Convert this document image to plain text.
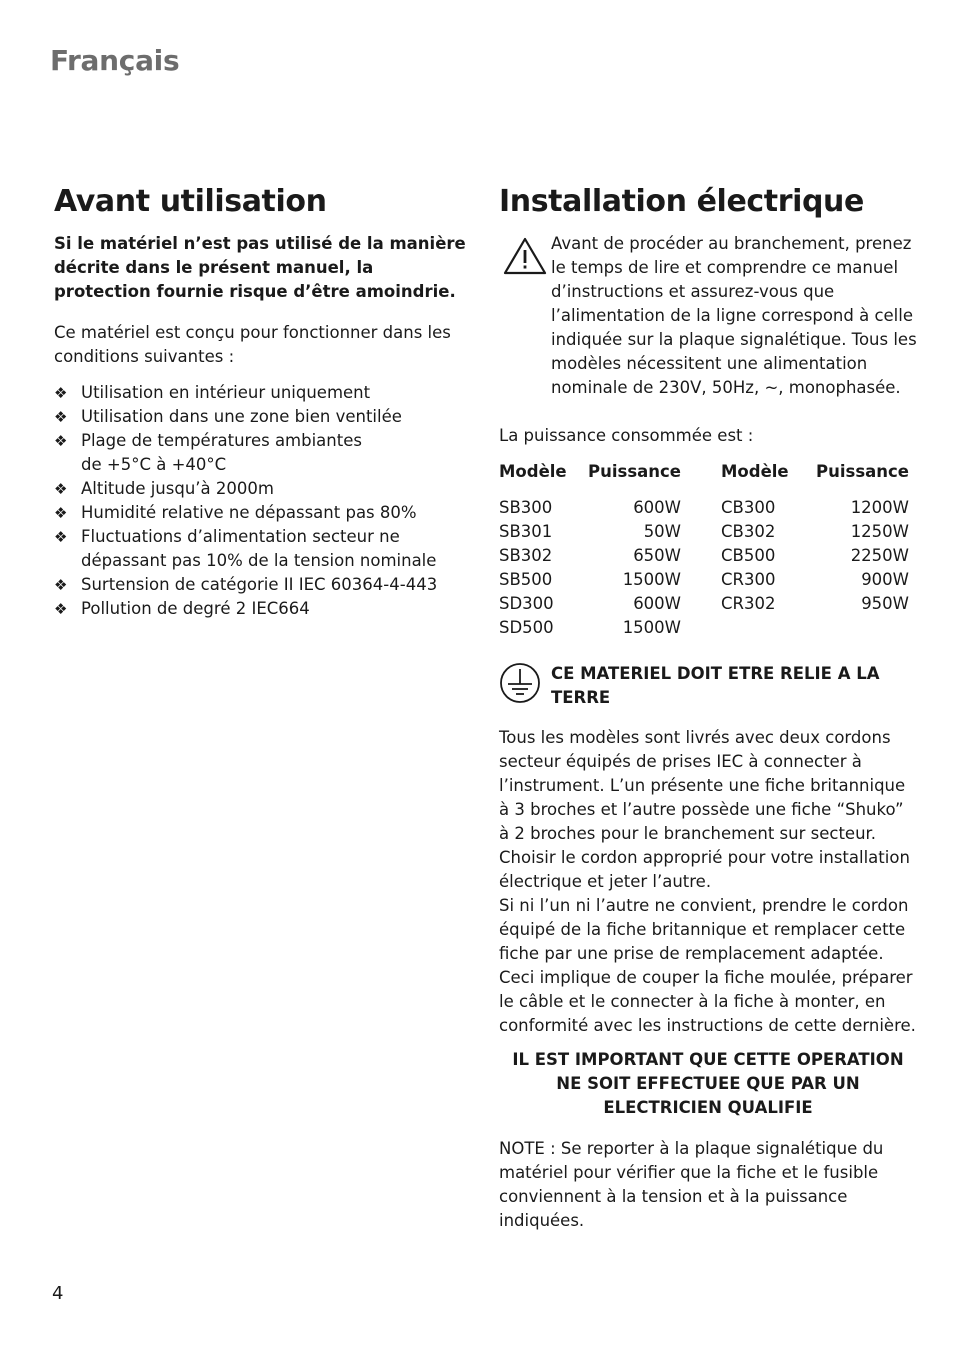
Français
Avant utilisation

Si le matériel n’est pas utilisé de la manière décrite dans le présent manuel, la protection fournie risque d’être amoindrie.

Ce matériel est conçu pour fonctionner dans les conditions suivantes :

❖ Utilisation en intérieur uniquement
❖ Utilisation dans une zone bien ventilée
❖ Plage de températures ambiantes
de +5°C à +40°C
❖ Altitude jusqu’à 2000m
❖ Humidité relative ne dépassant pas 80%
❖ Fluctuations d’alimentation secteur ne
dépassant pas 10% de la tension nominale
❖ Surtension de catégorie II IEC 60364-4-443
❖ Pollution de degré 2 IEC664
Installation électrique

Avant de procéder au branchement, prenez le temps de lire et comprendre ce manuel d’instructions et assurez-vous que l’alimentation de la ligne correspond à celle indiquée sur la plaque signalétique. Tous les modèles nécessitent une alimentation nominale de 230V, 50Hz, ~, monophasée.

La puissance consommée est :

Modèle	Puissance		Modèle	Puissance
SB300	600W		CB300	1200W
SB301	50W		CB302	1250W
SB302	650W		CB500	2250W
SB500	1500W		CR300	900W
SD300	600W		CR302	950W
SD500	1500W			

CE MATERIEL DOIT ETRE RELIE A LA TERRE

Tous les modèles sont livrés avec deux cordons secteur équipés de prises IEC à connecter à l’instrument. L’un présente une fiche britannique à 3 broches et l’autre possède une fiche “Shuko” à 2 broches pour le branchement sur secteur. Choisir le cordon approprié pour votre installation électrique et jeter l’autre.

Si ni l’un ni l’autre ne convient, prendre le cordon équipé de la fiche britannique et remplacer cette fiche par une prise de remplacement adaptée. Ceci implique de couper la fiche moulée, préparer le câble et le connecter à la fiche à monter, en conformité avec les instructions de cette dernière.

IL EST IMPORTANT QUE CETTE OPERATION NE SOIT EFFECTUEE QUE PAR UN ELECTRICIEN QUALIFIE

NOTE : Se reporter à la plaque signalétique du matériel pour vérifier que la fiche et le fusible conviennent à la tension et à la puissance indiquées.

4
